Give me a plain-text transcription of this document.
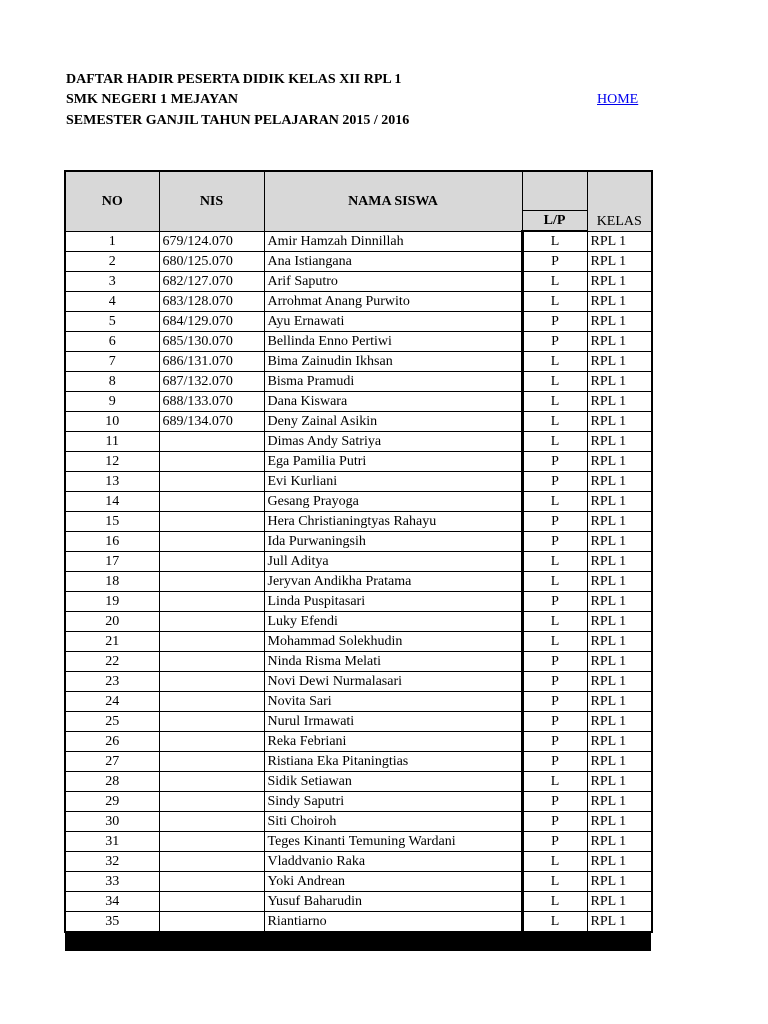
DAFTAR HADIR PESERTA DIDIK KELAS XII RPL 1
SMK NEGERI 1 MEJAYAN
SEMESTER GANJIL TAHUN PELAJARAN 2015 / 2016
HOME
NO	NIS	NAMA SISWA		KELAS
			L/P	
1	679/124.070	Amir Hamzah Dinnillah	L	RPL 1
2	680/125.070	Ana Istiangana	P	RPL 1
3	682/127.070	Arif Saputro	L	RPL 1
4	683/128.070	Arrohmat Anang Purwito	L	RPL 1
5	684/129.070	Ayu Ernawati	P	RPL 1
6	685/130.070	Bellinda Enno Pertiwi	P	RPL 1
7	686/131.070	Bima Zainudin Ikhsan	L	RPL 1
8	687/132.070	Bisma Pramudi	L	RPL 1
9	688/133.070	Dana Kiswara	L	RPL 1
10	689/134.070	Deny Zainal Asikin	L	RPL 1
11		Dimas Andy Satriya	L	RPL 1
12		Ega Pamilia Putri	P	RPL 1
13		Evi Kurliani	P	RPL 1
14		Gesang Prayoga	L	RPL 1
15		Hera Christianingtyas Rahayu	P	RPL 1
16		Ida Purwaningsih	P	RPL 1
17		Jull Aditya	L	RPL 1
18		Jeryvan Andikha Pratama	L	RPL 1
19		Linda Puspitasari	P	RPL 1
20		Luky Efendi	L	RPL 1
21		Mohammad Solekhudin	L	RPL 1
22		Ninda Risma Melati	P	RPL 1
23		Novi Dewi Nurmalasari	P	RPL 1
24		Novita Sari	P	RPL 1
25		Nurul Irmawati	P	RPL 1
26		Reka Febriani	P	RPL 1
27		Ristiana Eka Pitaningtias	P	RPL 1
28		Sidik Setiawan	L	RPL 1
29		Sindy Saputri	P	RPL 1
30		Siti Choiroh	P	RPL 1
31		Teges Kinanti Temuning Wardani	P	RPL 1
32		Vladdvanio Raka	L	RPL 1
33		Yoki Andrean	L	RPL 1
34		Yusuf Baharudin	L	RPL 1
35		Riantiarno	L	RPL 1
